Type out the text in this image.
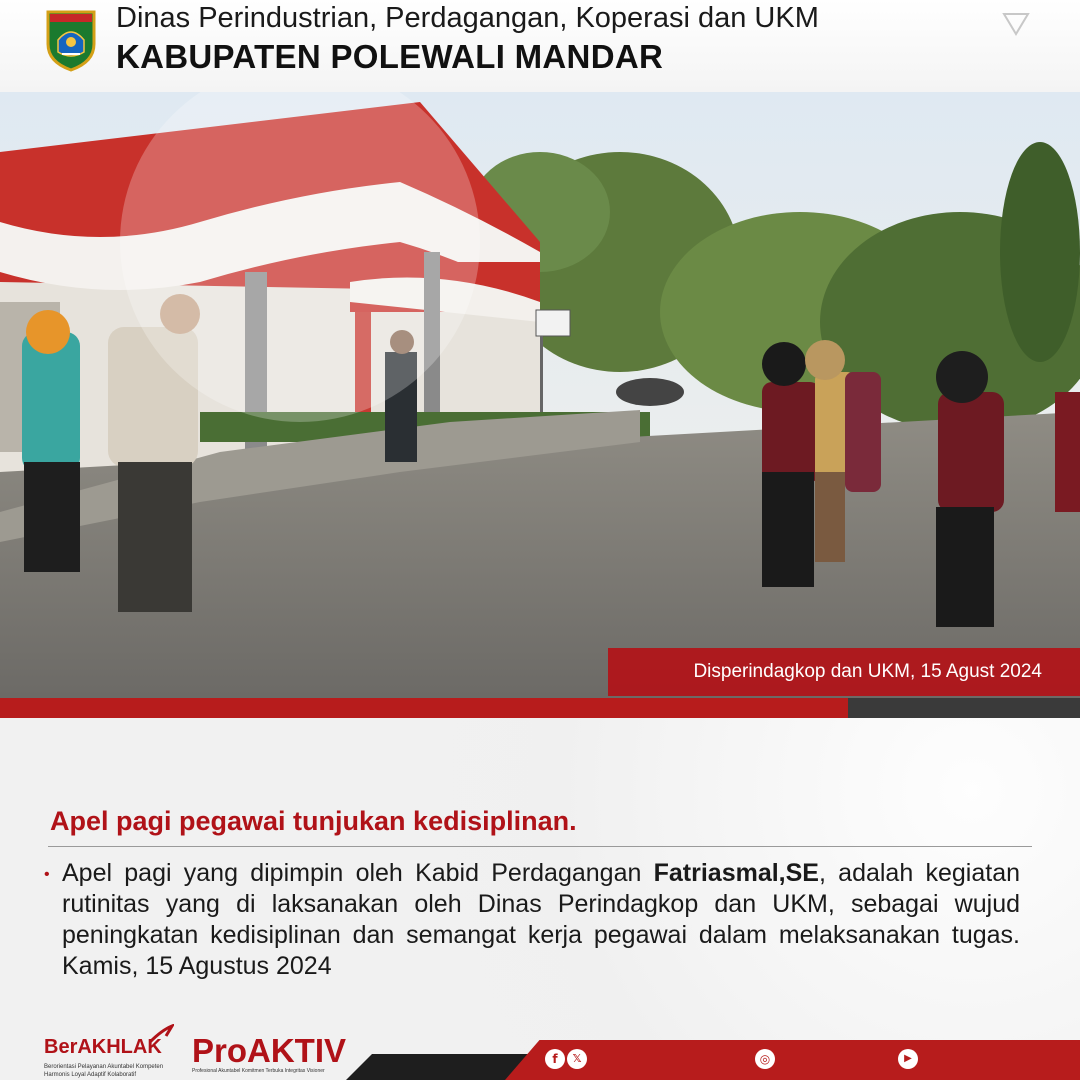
Dinas Perindustrian, Perdagangan, Koperasi dan UKM
KABUPATEN POLEWALI MANDAR
Disperindagkop dan UKM, 15 Agust 2024
Apel pagi pegawai tunjukan kedisiplinan.
• Apel pagi yang dipimpin oleh Kabid Perdagangan Fatriasmal,SE, adalah kegiatan rutinitas yang di laksanakan oleh Dinas Perindagkop dan UKM, sebagai wujud peningkatan kedisiplinan dan semangat kerja pegawai dalam melaksanakan tugas. Kamis, 15 Agustus 2024
BerAKHLAK
Berorientasi Pelayanan Akuntabel Kompeten Harmonis Loyal Adaptif Kolaboratif
ProAKTIV
Profesional Akuntabel Komitmen Terbuka Integritas Visioner
f	𝕏	◎	▶
